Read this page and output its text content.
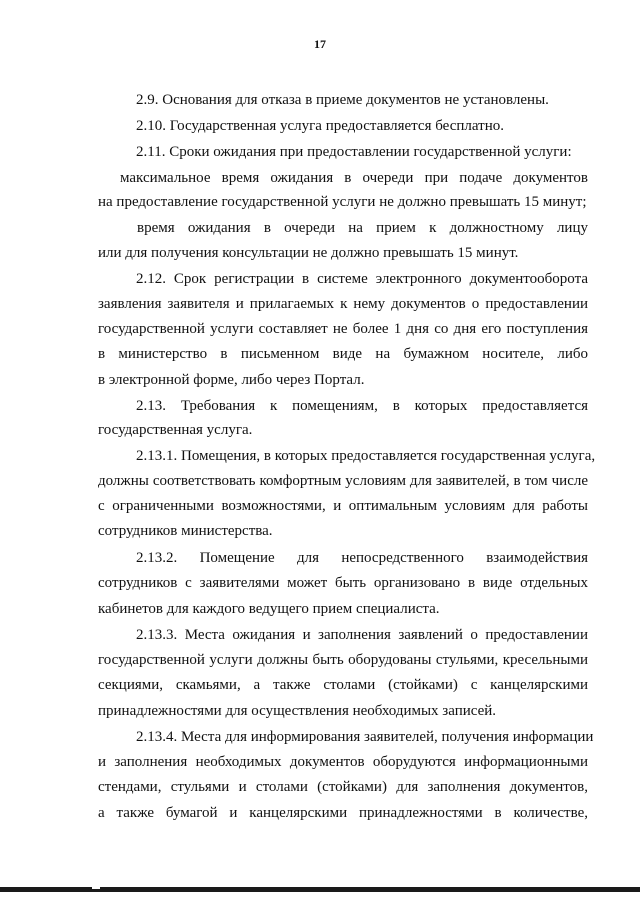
17
2.9. Основания для отказа в приеме документов не установлены.
2.10. Государственная услуга предоставляется бесплатно.
2.11. Сроки ожидания при предоставлении государственной услуги:
максимальное время ожидания в очереди при подаче документов
на предоставление государственной услуги не должно превышать 15 минут;
время ожидания в очереди на прием к должностному лицу
или для получения консультации не должно превышать 15 минут.
2.12. Срок регистрации в системе электронного документооборота
заявления заявителя и прилагаемых к нему документов о предоставлении
государственной услуги составляет не более 1 дня со дня его поступления
в министерство в письменном виде на бумажном носителе, либо
в электронной форме, либо через Портал.
2.13. Требования к помещениям, в которых предоставляется
государственная услуга.
2.13.1. Помещения, в которых предоставляется государственная услуга,
должны соответствовать комфортным условиям для заявителей, в том числе
с ограниченными возможностями, и оптимальным условиям для работы
сотрудников министерства.
2.13.2. Помещение для непосредственного взаимодействия
сотрудников с заявителями может быть организовано в виде отдельных
кабинетов для каждого ведущего прием специалиста.
2.13.3. Места ожидания и заполнения заявлений о предоставлении
государственной услуги должны быть оборудованы стульями, кресельными
секциями, скамьями, а также столами (стойками) с канцелярскими
принадлежностями для осуществления необходимых записей.
2.13.4. Места для информирования заявителей, получения информации
и заполнения необходимых документов оборудуются информационными
стендами, стульями и столами (стойками) для заполнения документов,
а также бумагой и канцелярскими принадлежностями в количестве,
